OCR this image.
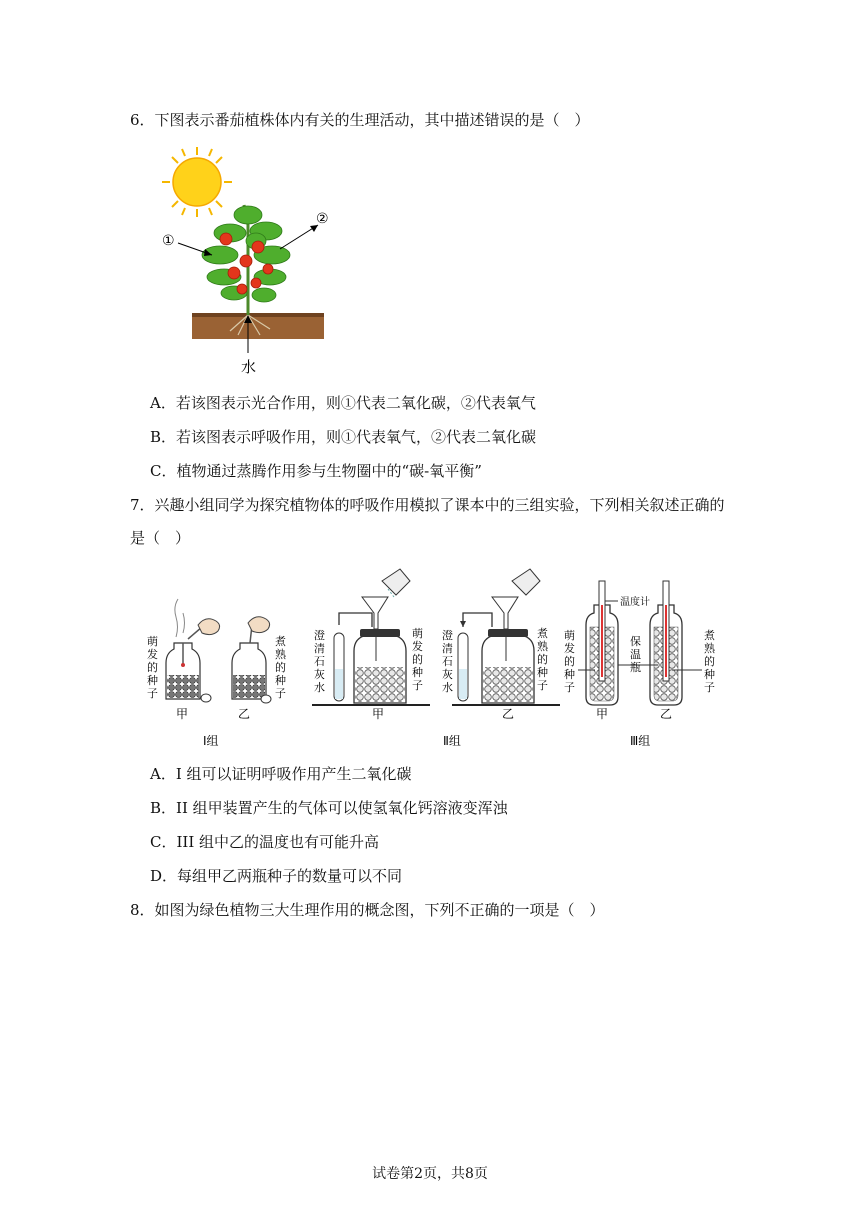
6．下图表示番茄植株体内有关的生理活动，其中描述错误的是（　）
①
②
水
A．若该图表示光合作用，则①代表二氧化碳，②代表氧气
B．若该图表示呼吸作用，则①代表氧气，②代表二氧化碳
C．植物通过蒸腾作用参与生物圈中的“碳-氧平衡”
7．兴趣小组同学为探究植物体的呼吸作用模拟了课本中的三组实验，下列相关叙述正确的
是（　）
萌发的种子
煮熟的种子
甲	乙
Ⅰ组
澄清石灰水
萌发的种子
甲
澄清石灰水
煮熟的种子
乙
Ⅱ组
温度计
萌发的种子
保温瓶
煮熟的种子
甲	乙
Ⅲ组
A．I 组可以证明呼吸作用产生二氧化碳
B．II 组甲装置产生的气体可以使氢氧化钙溶液变浑浊
C．III 组中乙的温度也有可能升高
D．每组甲乙两瓶种子的数量可以不同
8．如图为绿色植物三大生理作用的概念图，下列不正确的一项是（　）
试卷第2页，共8页
